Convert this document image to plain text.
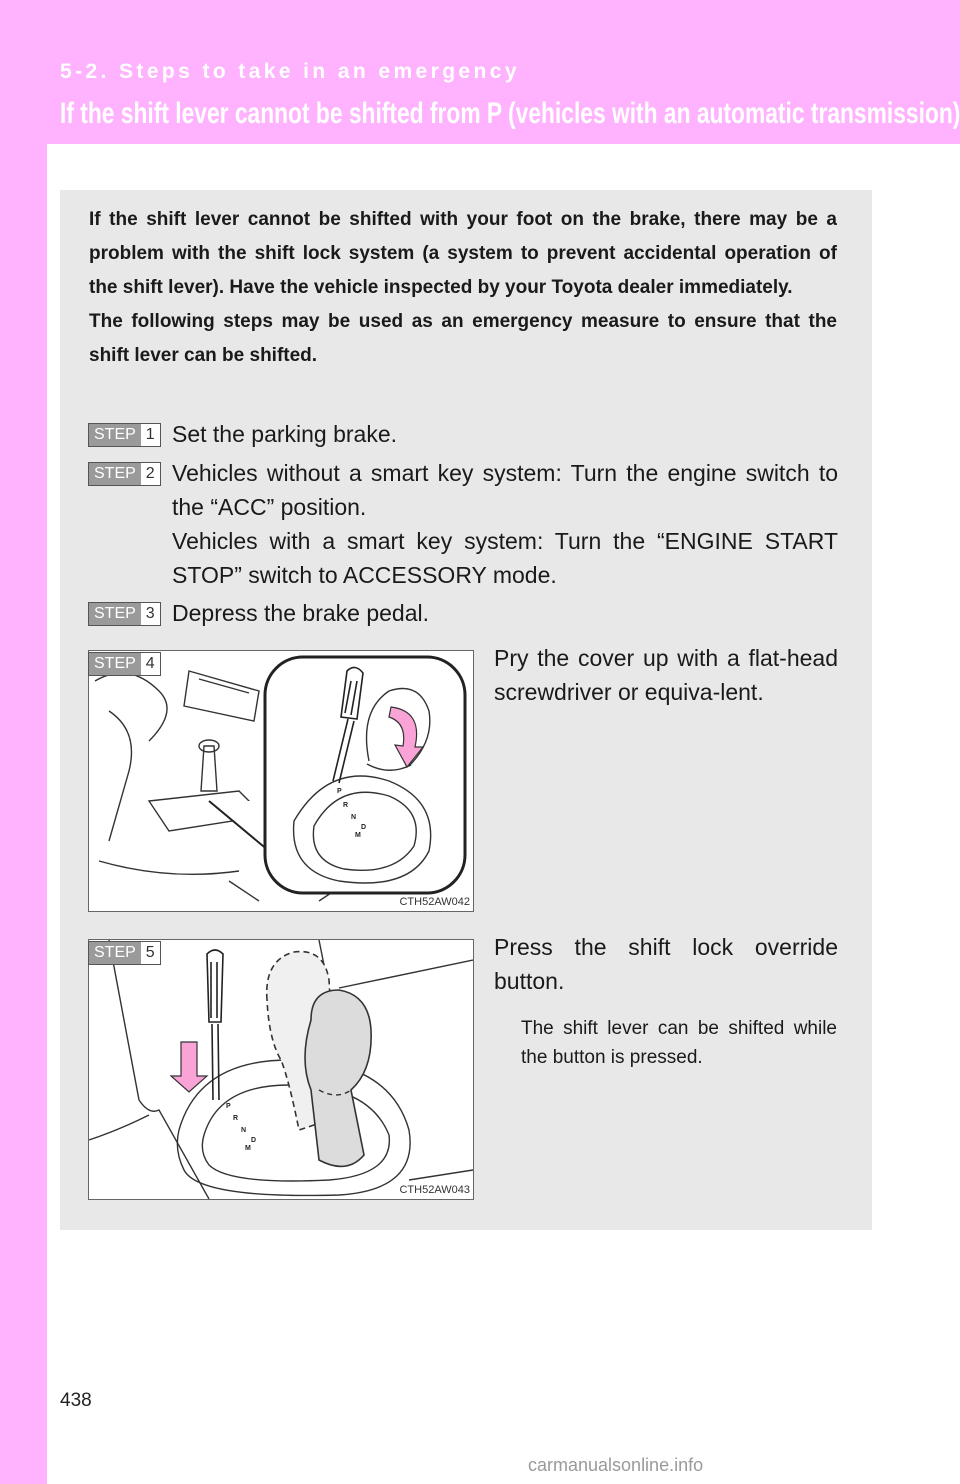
5-2. Steps to take in an emergency
If the shift lever cannot be shifted from P (vehicles with an automatic transmission)

If the shift lever cannot be shifted with your foot on the brake, there may be a problem with the shift lock system (a system to prevent accidental operation of the shift lever). Have the vehicle inspected by your Toyota dealer immediately.

The following steps may be used as an emergency measure to ensure that the shift lever can be shifted.

STEP 1 Set the parking brake.

STEP 2 Vehicles without a smart key system: Turn the engine switch to the “ACC” position.

Vehicles with a smart key system: Turn the “ENGINE START STOP” switch to ACCESSORY mode.

STEP 3 Depress the brake pedal.

P
R
N
D
M
CTH52AW042
STEP 4	Pry the cover up with a flat-head screwdriver or equiva-lent.

P
R
N
D
M
CTH52AW043
STEP 5	Press the shift lock override button.

The shift lever can be shifted while the button is pressed.
438
carmanualsonline.info
